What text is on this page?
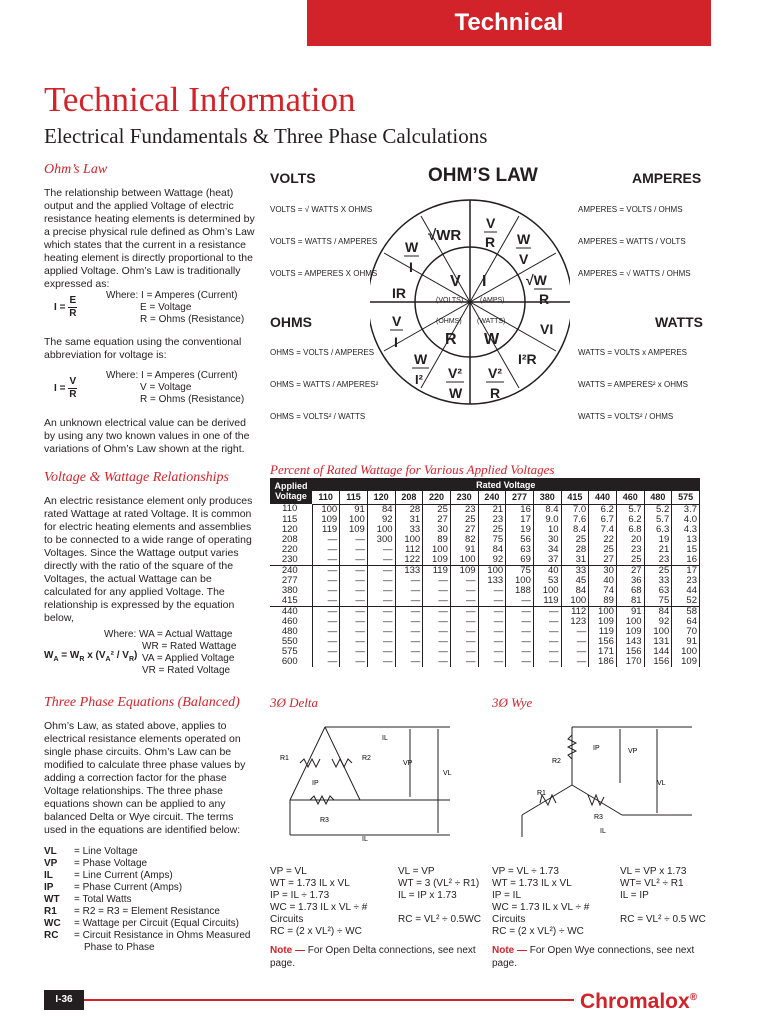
Technical
Technical Information
Electrical Fundamentals & Three Phase Calculations
Ohm’s Law
The relationship between Wattage (heat) output and the applied Voltage of electric resistance heating elements is determined by a precise physical rule defined as Ohm’s Law which states that the current in a resistance heating element is directly proportional to the applied Voltage. Ohm’s Law is traditionally expressed as:
$I = \frac{E}{R}$	Where: I = Amperes (Current)
E = Voltage
R = Ohms (Resistance)
The same equation using the conventional abbreviation for voltage is:
$I = \frac{V}{R}$
Where: I = Amperes (Current)
V = Voltage
R = Ohms (Resistance)
An unknown electrical value can be derived by using any two known values in one of the variations of Ohm’s Law shown at the right.
Voltage & Wattage Relationships
An electric resistance element only produces rated Wattage at rated Voltage. It is common for electric heating elements and assemblies to be connected to a wide range of operating Voltages. Since the Wattage output varies directly with the ratio of the square of the Voltages, the actual Wattage can be calculated for any applied Voltage. The relationship is expressed by the equation below,
$W_A = W_R$ x $(V_A^2 / V_R)$
Where: WA = Actual Wattage
WR = Rated Wattage
VA = Applied Voltage
VR = Rated Voltage
Three Phase Equations (Balanced)
Ohm’s Law, as stated above, applies to electrical resistance elements operated on single phase circuits. Ohm’s Law can be modified to calculate three phase values by adding a correction factor for the phase Voltage relationships. The three phase equations shown can be applied to any balanced Delta or Wye circuit. The terms used in the equations are identified below:
VL = Line Voltage
VP = Phase Voltage
IL = Line Current (Amps)
IP = Phase Current (Amps)
WT = Total Watts
R1 = R2 = R3 = Element Resistance
WC = Wattage per Circuit (Equal Circuits)
RC = Circuit Resistance in Ohms Measured
Phase to Phase
VOLTS	OHM’S LAW	AMPERES
OHMS	WATTS
VOLTS = √ WATTS X OHMS
VOLTS = WATTS / AMPERES
VOLTS = AMPERES X OHMS
AMPERES = VOLTS / OHMS
AMPERES = WATTS / VOLTS
AMPERES = √ WATTS / OHMS
OHMS = VOLTS / AMPERES
OHMS = WATTS / AMPERES²
OHMS = VOLTS² / WATTS
WATTS = VOLTS x AMPERES
WATTS = AMPERES² x OHMS
WATTS = VOLTS² / OHMS
V
(VOLTS)
I
(AMPS)
(OHMS)
R
(WATTS)
W
√WR
V
R W
V
W
I
IR
√W
R
VI
V
I
W
I² V²
W
V²
R
I²R
Percent of Rated Wattage for Various Applied Voltages
Applied Voltage	Rated Voltage													
	110	115	120	208	220	230	240	277	380	415	440	460	480	575
110	100	91	84	28	25	23	21	16	8.4	7.0	6.2	5.7	5.2	3.7
115	109	100	92	31	27	25	23	17	9.0	7.6	6.7	6.2	5.7	4.0
120	119	109	100	33	30	27	25	19	10	8.4	7.4	6.8	6.3	4.3
208	—	—	300	100	89	82	75	56	30	25	22	20	19	13
220	—	—	—	112	100	91	84	63	34	28	25	23	21	15
230	—	—	—	122	109	100	92	69	37	31	27	25	23	16
240	—	—	—	133	119	109	100	75	40	33	30	27	25	17
277	—	—	—	—	—	—	133	100	53	45	40	36	33	23
380	—	—	—	—	—	—	—	188	100	84	74	68	63	44
415	—	—	—	—	—	—	—	—	119	100	89	81	75	52
440	—	—	—	—	—	—	—	—	—	112	100	91	84	58
460	—	—	—	—	—	—	—	—	—	123	109	100	92	64
480	—	—	—	—	—	—	—	—	—	—	119	109	100	70
550	—	—	—	—	—	—	—	—	—	—	156	143	131	91
575	—	—	—	—	—	—	—	—	—	—	171	156	144	100
600	—	—	—	—	—	—	—	—	—	—	186	170	156	109
3Ø Delta
R1	R2
R3
IL
IP
IL
VP
VL
VP = VL
WT = 1.73 IL x VL
IP = IL ÷ 1.73
WC = 1.73 IL x VL ÷ # Circuits
RC = (2 x VL²) ÷ WC
VL = VP
WT = 3 (VL² ÷ R1)
IL = IP x 1.73
RC = VL² ÷ 0.5WC
Note — For Open Delta connections, see next page.
3Ø Wye
R2
R1
R3
IP	VP
VL
IL
VP = VL ÷ 1.73
WT = 1.73 IL x VL
IP = IL
WC = 1.73 IL x VL ÷ # Circuits
RC = (2 x VL²) ÷ WC
VL = VP x 1.73
WT= VL² ÷ R1
IL = IP
RC = VL² ÷ 0.5 WC
Note — For Open Wye connections, see next page.
I-36	Chromalox®
